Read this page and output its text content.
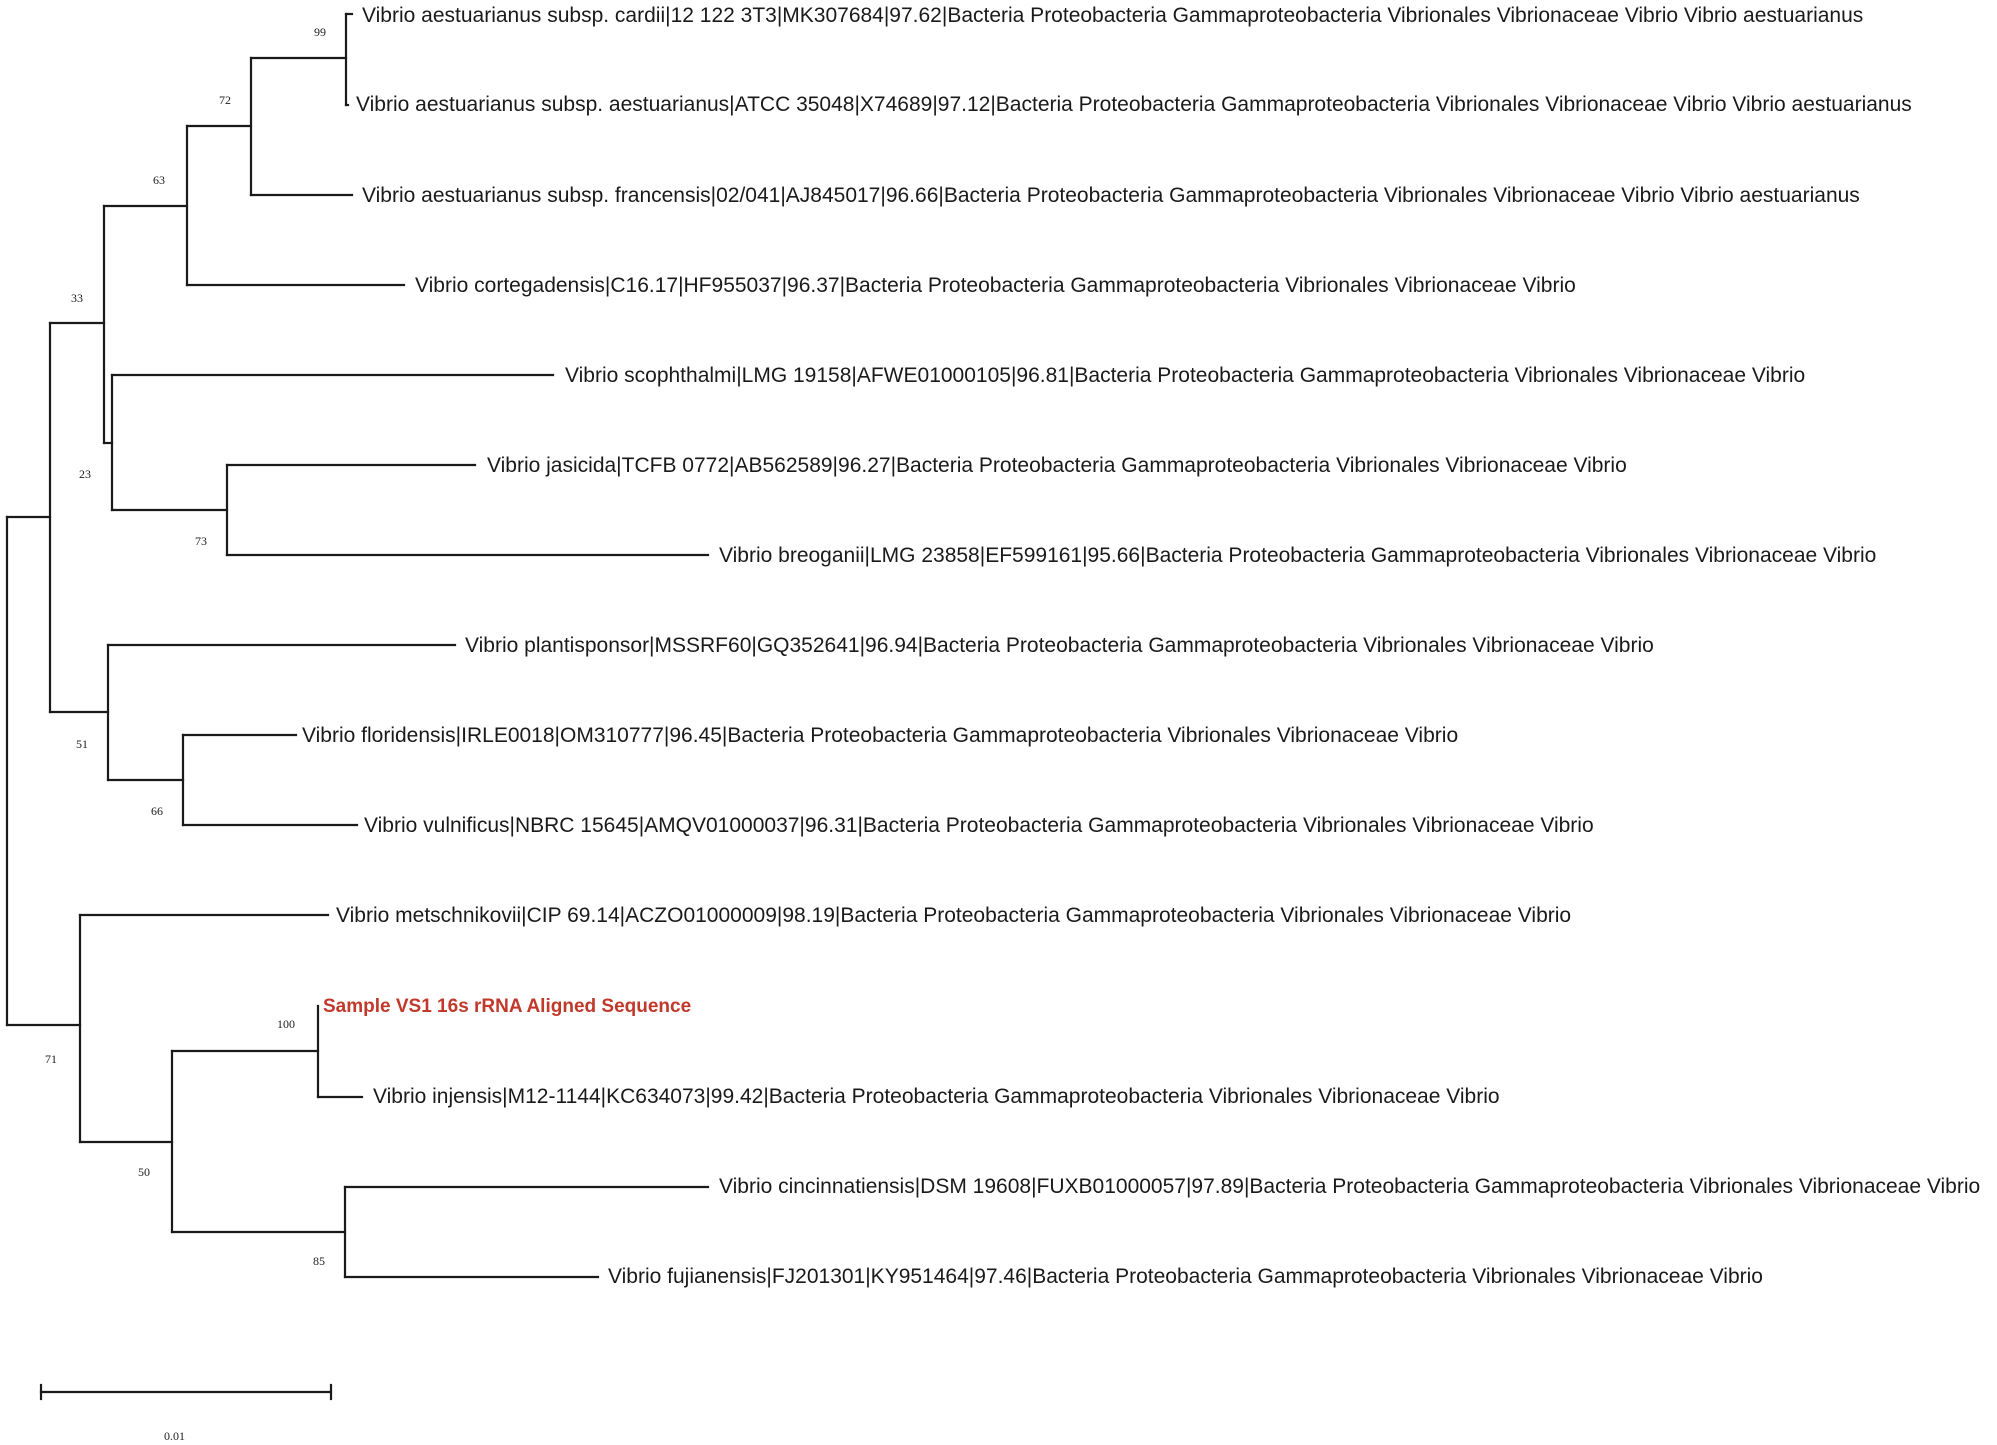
Vibrio aestuarianus subsp. cardii|12 122 3T3|MK307684|97.62|Bacteria Proteobacteria Gammaproteobacteria Vibrionales Vibrionaceae Vibrio Vibrio aestuarianus
Vibrio aestuarianus subsp. aestuarianus|ATCC 35048|X74689|97.12|Bacteria Proteobacteria Gammaproteobacteria Vibrionales Vibrionaceae Vibrio Vibrio aestuarianus
Vibrio aestuarianus subsp. francensis|02/041|AJ845017|96.66|Bacteria Proteobacteria Gammaproteobacteria Vibrionales Vibrionaceae Vibrio Vibrio aestuarianus
Vibrio cortegadensis|C16.17|HF955037|96.37|Bacteria Proteobacteria Gammaproteobacteria Vibrionales Vibrionaceae Vibrio
Vibrio scophthalmi|LMG 19158|AFWE01000105|96.81|Bacteria Proteobacteria Gammaproteobacteria Vibrionales Vibrionaceae Vibrio
Vibrio jasicida|TCFB 0772|AB562589|96.27|Bacteria Proteobacteria Gammaproteobacteria Vibrionales Vibrionaceae Vibrio
Vibrio breoganii|LMG 23858|EF599161|95.66|Bacteria Proteobacteria Gammaproteobacteria Vibrionales Vibrionaceae Vibrio
Vibrio plantisponsor|MSSRF60|GQ352641|96.94|Bacteria Proteobacteria Gammaproteobacteria Vibrionales Vibrionaceae Vibrio
Vibrio floridensis|IRLE0018|OM310777|96.45|Bacteria Proteobacteria Gammaproteobacteria Vibrionales Vibrionaceae Vibrio
Vibrio vulnificus|NBRC 15645|AMQV01000037|96.31|Bacteria Proteobacteria Gammaproteobacteria Vibrionales Vibrionaceae Vibrio
Vibrio metschnikovii|CIP 69.14|ACZO01000009|98.19|Bacteria Proteobacteria Gammaproteobacteria Vibrionales Vibrionaceae Vibrio
Sample VS1 16s rRNA Aligned Sequence
Vibrio injensis|M12-1144|KC634073|99.42|Bacteria Proteobacteria Gammaproteobacteria Vibrionales Vibrionaceae Vibrio
Vibrio cincinnatiensis|DSM 19608|FUXB01000057|97.89|Bacteria Proteobacteria Gammaproteobacteria Vibrionales Vibrionaceae Vibrio
Vibrio fujianensis|FJ201301|KY951464|97.46|Bacteria Proteobacteria Gammaproteobacteria Vibrionales Vibrionaceae Vibrio
99
72
63
33
23
73
51
66
71
100
50
85
0.01
